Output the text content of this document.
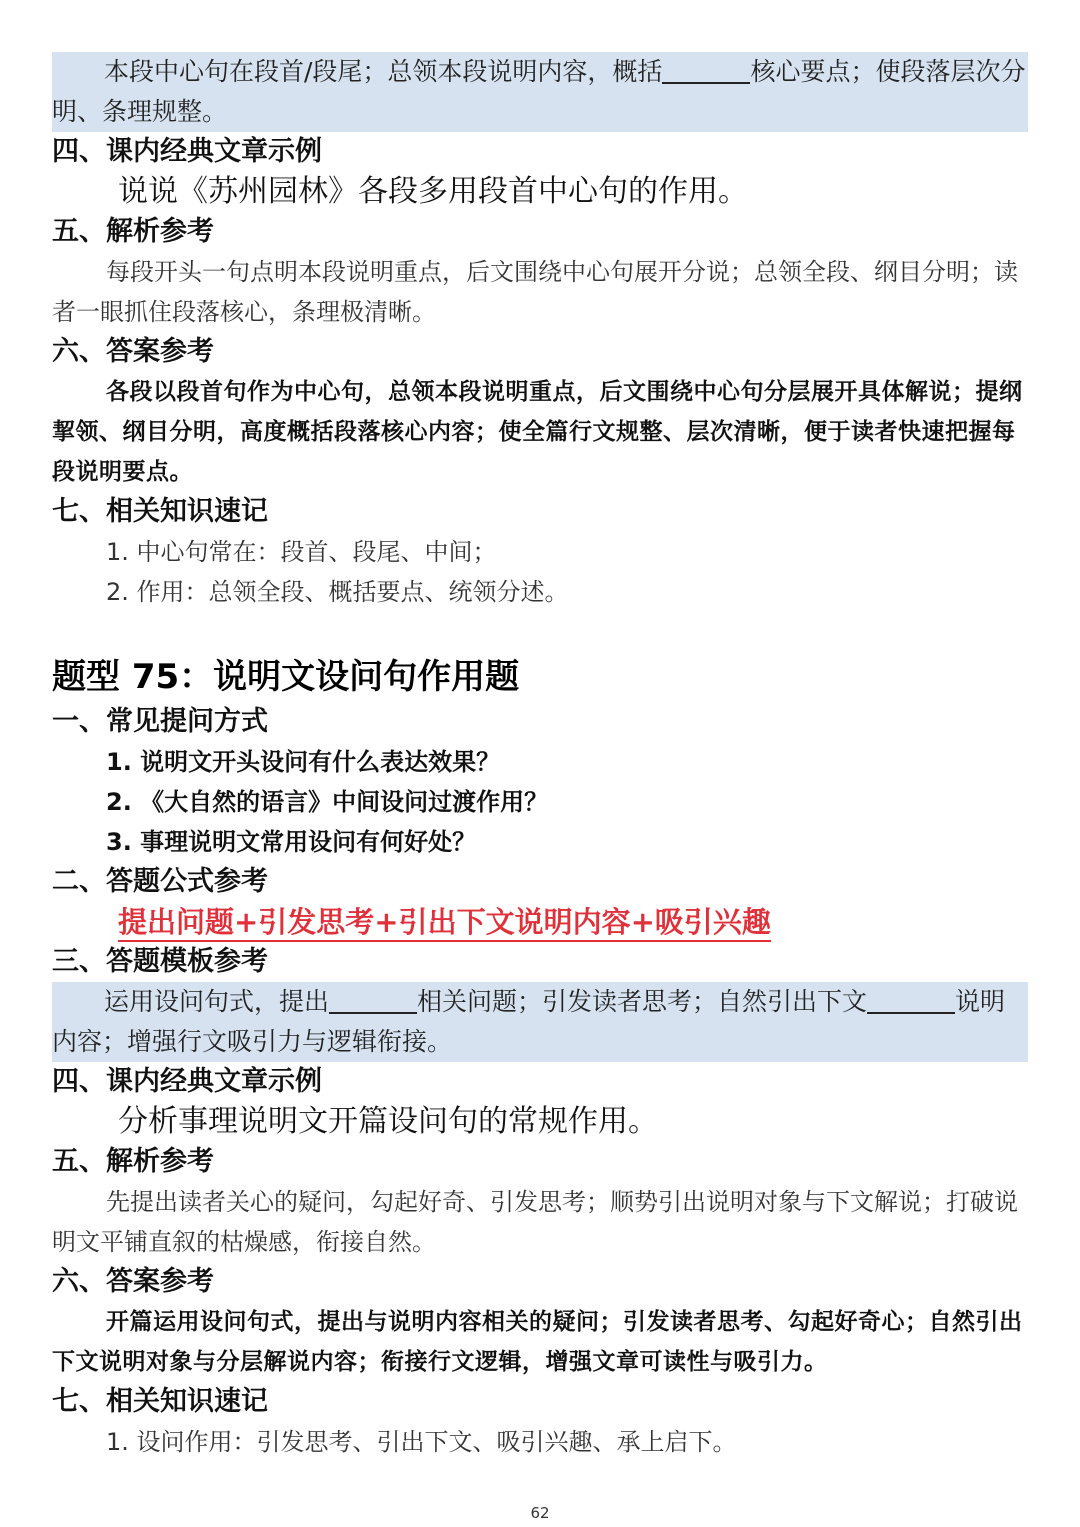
本段中心句在段首/段尾；总领本段说明内容，概括	核心要点；使段落层次分明、条理规整。

四、课内经典文章示例

说说《苏州园林》各段多用段首中心句的作用。

五、解析参考

每段开头一句点明本段说明重点，后文围绕中心句展开分说；总领全段、纲目分明；读者一眼抓住段落核心，条理极清晰。

六、答案参考

各段以段首句作为中心句，总领本段说明重点，后文围绕中心句分层展开具体解说；提纲挈领、纲目分明，高度概括段落核心内容；使全篇行文规整、层次清晰，便于读者快速把握每段说明要点。

七、相关知识速记

1. 中心句常在：段首、段尾、中间；

2. 作用：总领全段、概括要点、统领分述。

题型 75：说明文设问句作用题

一、常见提问方式

1. 说明文开头设问有什么表达效果？

2. 《大自然的语言》中间设问过渡作用？

3. 事理说明文常用设问有何好处？

二、答题公式参考

提出问题+引发思考+引出下文说明内容+吸引兴趣

三、答题模板参考

运用设问句式，提出	相关问题；引发读者思考；自然引出下文	说明内容；增强行文吸引力与逻辑衔接。

四、课内经典文章示例

分析事理说明文开篇设问句的常规作用。

五、解析参考

先提出读者关心的疑问，勾起好奇、引发思考；顺势引出说明对象与下文解说；打破说明文平铺直叙的枯燥感，衔接自然。

六、答案参考

开篇运用设问句式，提出与说明内容相关的疑问；引发读者思考、勾起好奇心；自然引出下文说明对象与分层解说内容；衔接行文逻辑，增强文章可读性与吸引力。

七、相关知识速记

1. 设问作用：引发思考、引出下文、吸引兴趣、承上启下。

62
